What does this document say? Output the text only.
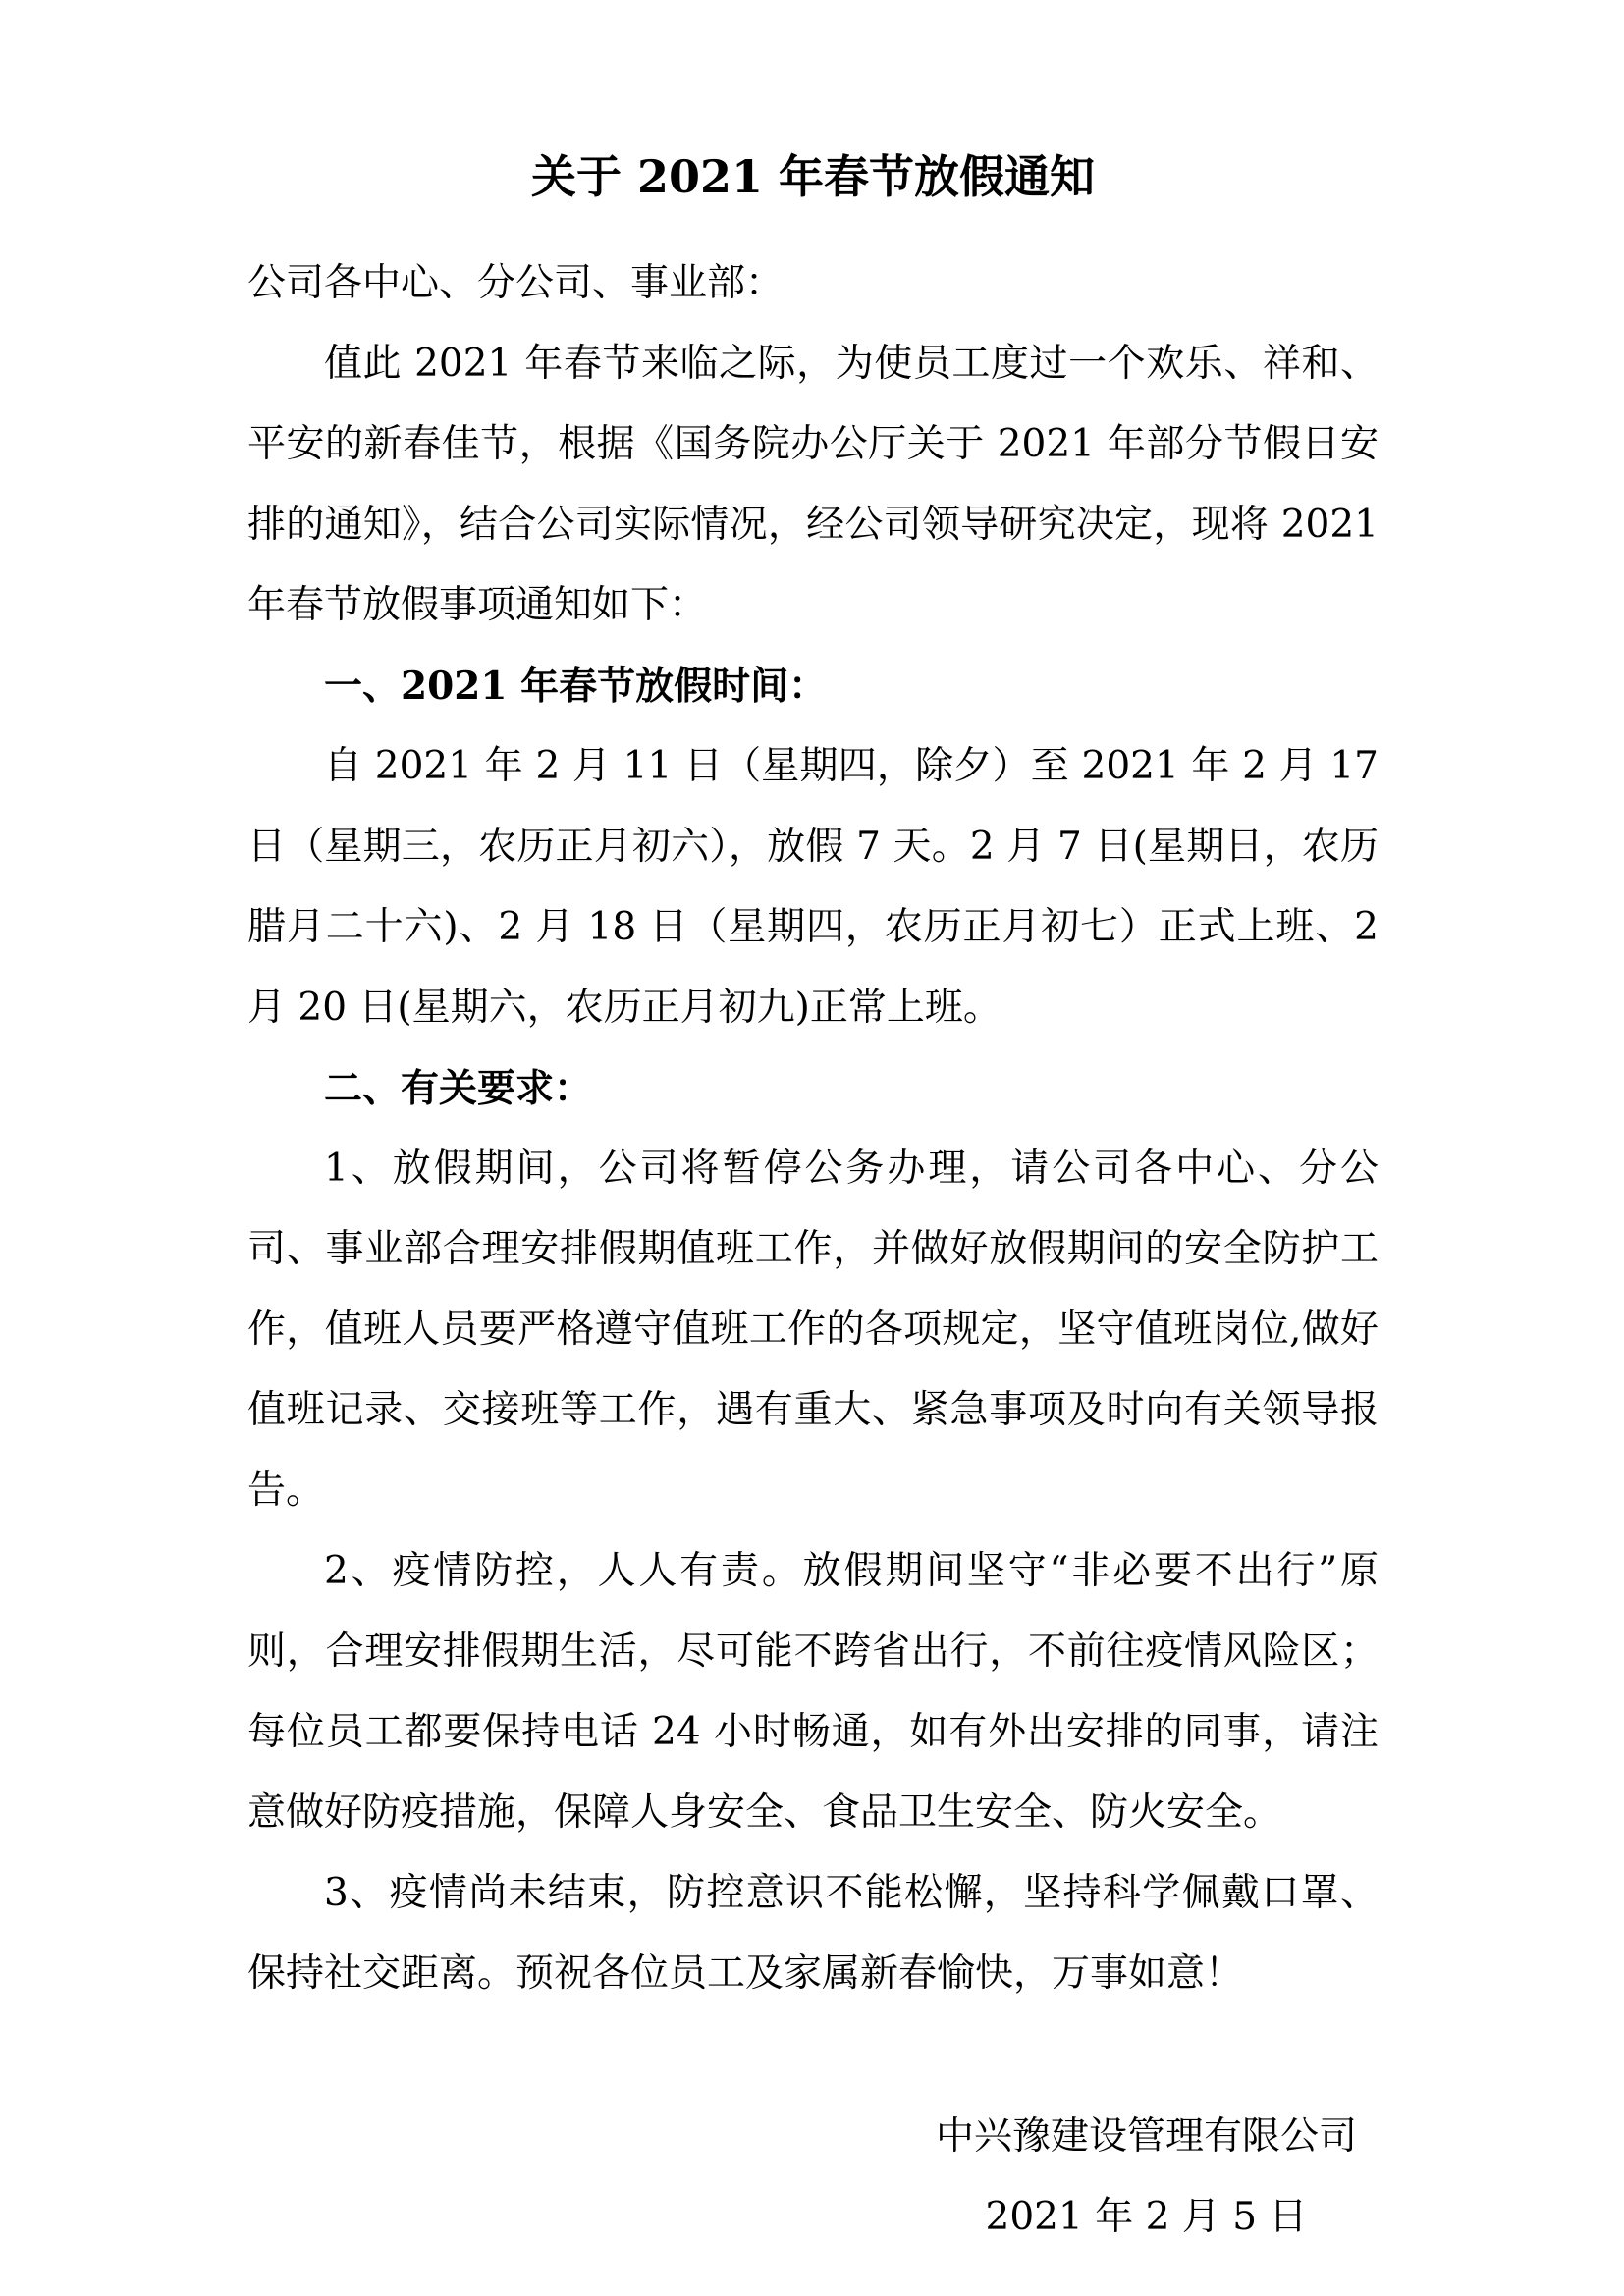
关于 2021 年春节放假通知

公司各中心、分公司、事业部：

值此 2021 年春节来临之际，为使员工度过一个欢乐、祥和、平安的新春佳节，根据《国务院办公厅关于 2021 年部分节假日安排的通知》，结合公司实际情况，经公司领导研究决定，现将 2021 年春节放假事项通知如下：

一、2021 年春节放假时间：

自 2021 年 2 月 11 日（星期四，除夕）至 2021 年 2 月 17 日（星期三，农历正月初六），放假 7 天。2 月 7 日(星期日，农历腊月二十六)、2 月 18 日（星期四，农历正月初七）正式上班、2 月 20 日(星期六，农历正月初九)正常上班。

二、有关要求：

1、放假期间，公司将暂停公务办理，请公司各中心、分公司、事业部合理安排假期值班工作，并做好放假期间的安全防护工作，值班人员要严格遵守值班工作的各项规定，坚守值班岗位,做好值班记录、交接班等工作，遇有重大、紧急事项及时向有关领导报告。

2、疫情防控，人人有责。放假期间坚守“非必要不出行”原则，合理安排假期生活，尽可能不跨省出行，不前往疫情风险区；每位员工都要保持电话 24 小时畅通，如有外出安排的同事，请注意做好防疫措施，保障人身安全、食品卫生安全、防火安全。

3、疫情尚未结束，防控意识不能松懈，坚持科学佩戴口罩、保持社交距离。预祝各位员工及家属新春愉快，万事如意！

中兴豫建设管理有限公司

2021 年 2 月 5 日
